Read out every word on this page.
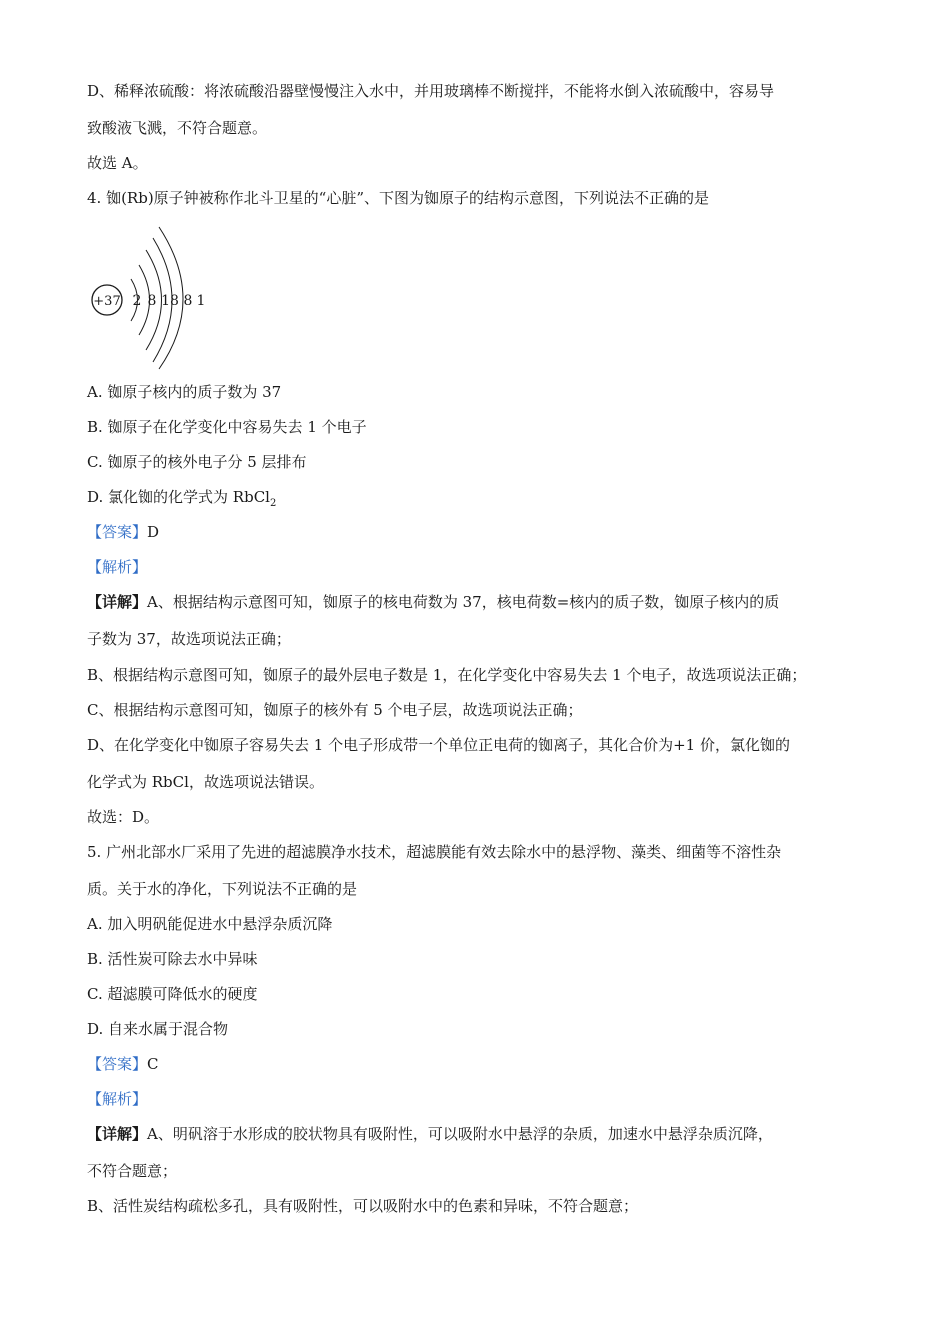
D、稀释浓硫酸：将浓硫酸沿器壁慢慢注入水中，并用玻璃棒不断搅拌，不能将水倒入浓硫酸中，容易导
致酸液飞溅，不符合题意。
故选 A。
4. 铷(Rb)原子钟被称作北斗卫星的“心脏”、下图为铷原子的结构示意图，下列说法不正确的是
+37 2 8 18 8 1
A. 铷原子核内的质子数为 37
B. 铷原子在化学变化中容易失去 1 个电子
C. 铷原子的核外电子分 5 层排布
D. 氯化铷的化学式为 RbCl$_2$
【答案】D
【解析】
【详解】A、根据结构示意图可知，铷原子的核电荷数为 37，核电荷数=核内的质子数，铷原子核内的质
子数为 37，故选项说法正确；
B、根据结构示意图可知，铷原子的最外层电子数是 1，在化学变化中容易失去 1 个电子，故选项说法正确；
C、根据结构示意图可知，铷原子的核外有 5 个电子层，故选项说法正确；
D、在化学变化中铷原子容易失去 1 个电子形成带一个单位正电荷的铷离子，其化合价为+1 价，氯化铷的
化学式为 RbCl，故选项说法错误。
故选：D。
5. 广州北部水厂采用了先进的超滤膜净水技术，超滤膜能有效去除水中的悬浮物、藻类、细菌等不溶性杂
质。关于水的净化，下列说法不正确的是
A. 加入明矾能促进水中悬浮杂质沉降
B. 活性炭可除去水中异味
C. 超滤膜可降低水的硬度
D. 自来水属于混合物
【答案】C
【解析】
【详解】A、明矾溶于水形成的胶状物具有吸附性，可以吸附水中悬浮的杂质，加速水中悬浮杂质沉降，
不符合题意；
B、活性炭结构疏松多孔，具有吸附性，可以吸附水中的色素和异味，不符合题意；
